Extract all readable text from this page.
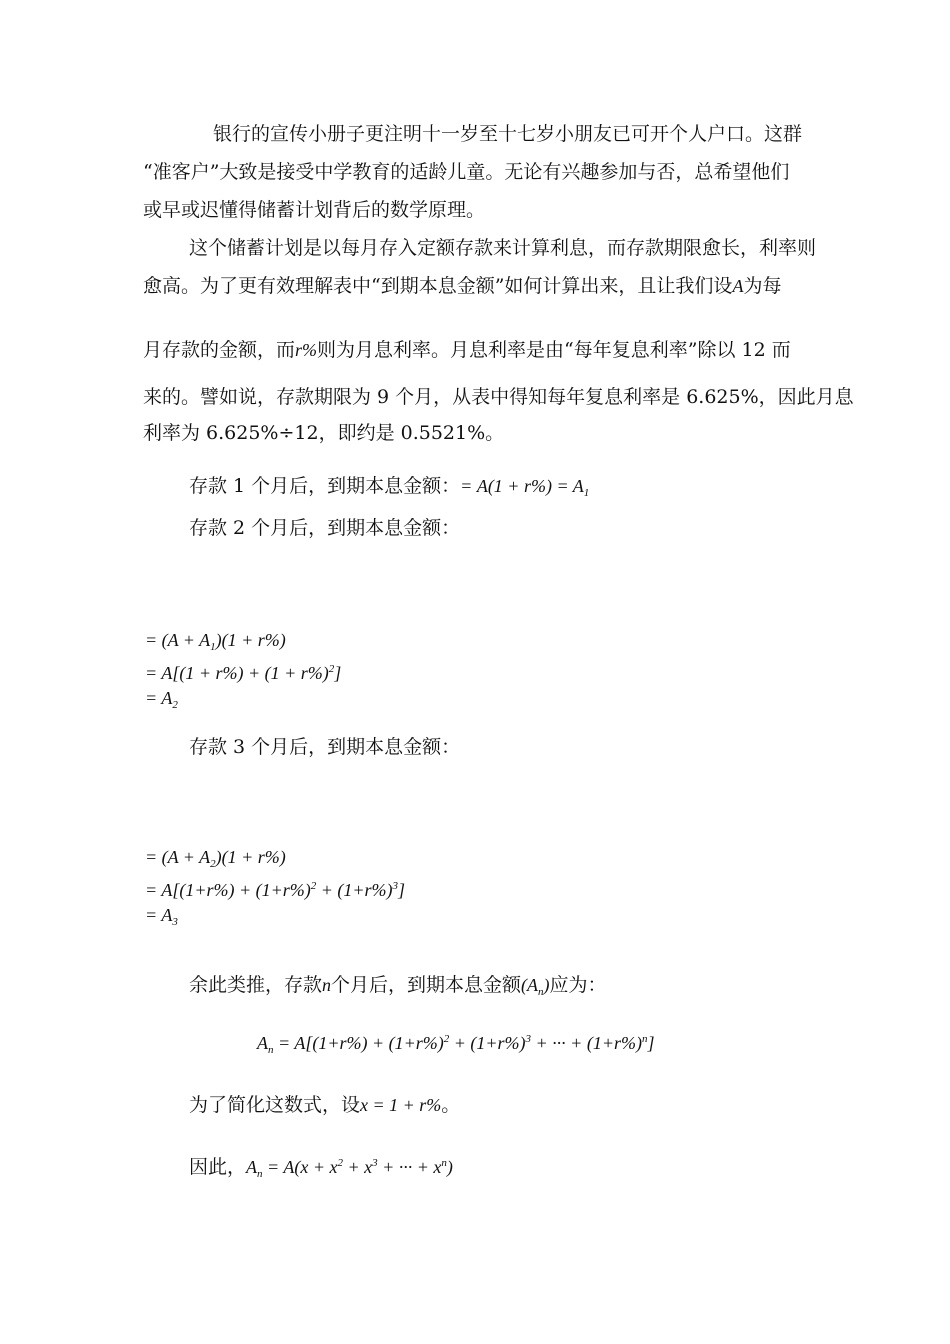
银行的宣传小册子更注明十一岁至十七岁小朋友已可开个人户口。这群
“准客户”大致是接受中学教育的适龄儿童。无论有兴趣参加与否，总希望他们
或早或迟懂得储蓄计划背后的数学原理。
这个储蓄计划是以每月存入定额存款来计算利息，而存款期限愈长，利率则
愈高。为了更有效理解表中“到期本息金额”如何计算出来，且让我们设A为每
月存款的金额，而r%则为月息利率。月息利率是由“每年复息利率”除以 12 而
来的。譬如说，存款期限为 9 个月，从表中得知每年复息利率是 6.625%，因此月息
利率为 6.625%÷12，即约是 0.5521%。
存款 1 个月后，到期本息金额：= $A(1 + r\%) = A_1$
存款 2 个月后，到期本息金额：
= $(A + A_1)(1 + r\%)$
= $A[(1 + r\%) + (1 + r\%)^2]$
= $A_2$
存款 3 个月后，到期本息金额：
= $(A + A_2)(1 + r\%)$
= $A[(1+r\%) + (1+r\%)^2 + (1+r\%)^3]$
= $A_3$
余此类推，存款n个月后，到期本息金额$(A_n)$应为：
$A_n = A[(1+r\%) + (1+r\%)^2 + (1+r\%)^3$ + ··· + $(1+r\%)^n$]
为了简化这数式，设x = 1 + r%。
因此，$A_n = A(x + x^2 + x^3$ + ··· + $x^n$)
